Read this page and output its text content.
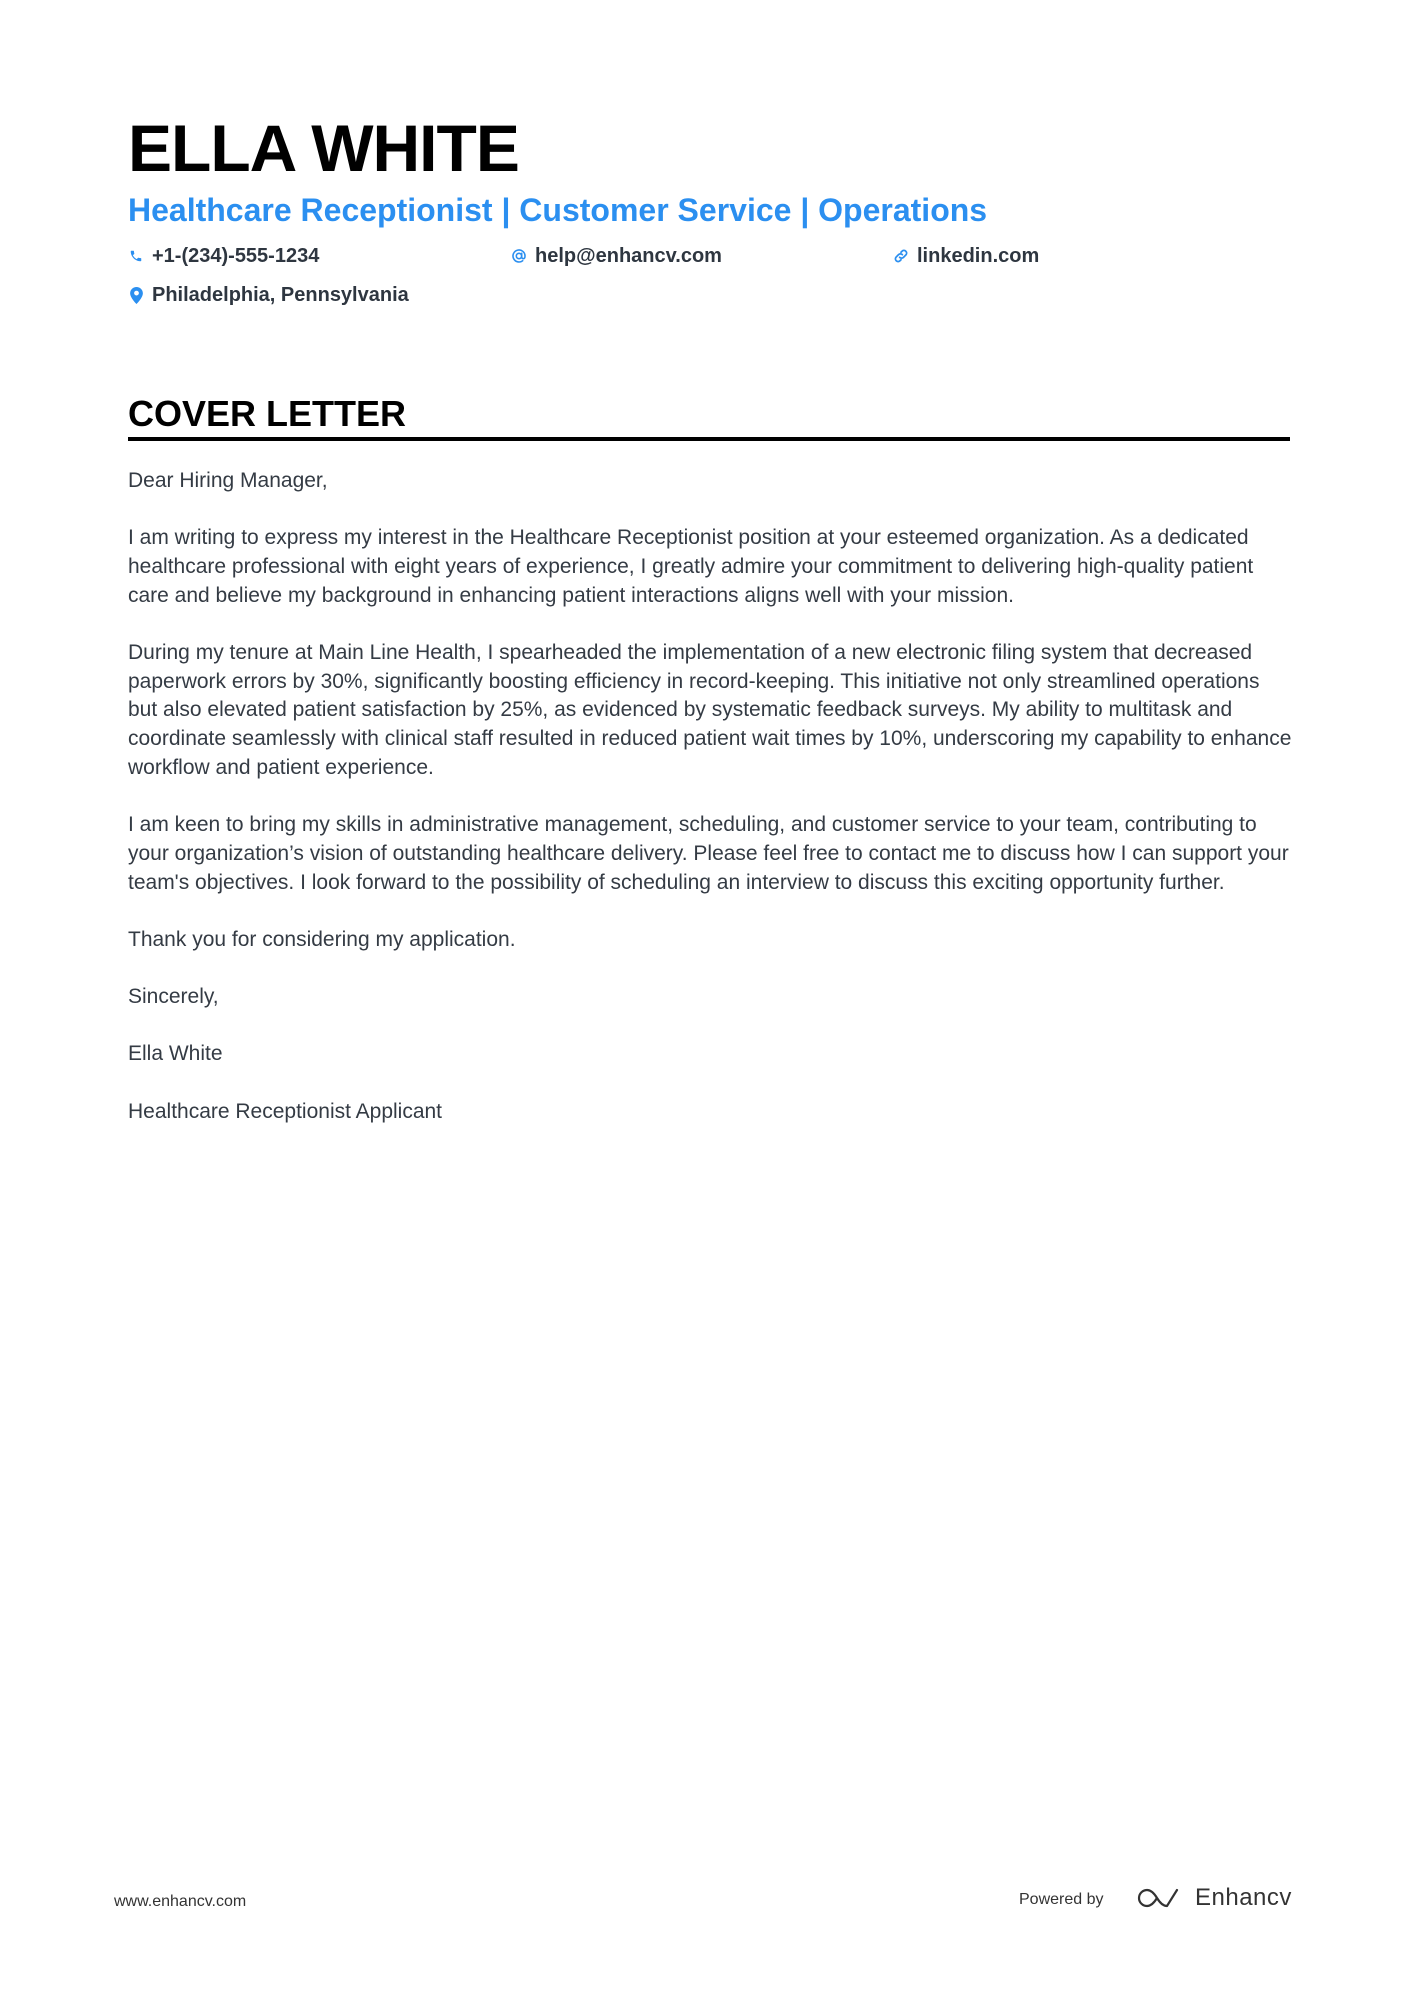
ELLA WHITE
Healthcare Receptionist | Customer Service | Operations
+1-(234)-555-1234	help@enhancv.com	linkedin.com
Philadelphia, Pennsylvania
COVER LETTER

Dear Hiring Manager,

I am writing to express my interest in the Healthcare Receptionist position at your esteemed organization. As a dedicated healthcare professional with eight years of experience, I greatly admire your commitment to delivering high-quality patient care and believe my background in enhancing patient interactions aligns well with your mission.

During my tenure at Main Line Health, I spearheaded the implementation of a new electronic filing system that decreased paperwork errors by 30%, significantly boosting efficiency in record-keeping. This initiative not only streamlined operations but also elevated patient satisfaction by 25%, as evidenced by systematic feedback surveys. My ability to multitask and coordinate seamlessly with clinical staff resulted in reduced patient wait times by 10%, underscoring my capability to enhance workflow and patient experience.

I am keen to bring my skills in administrative management, scheduling, and customer service to your team, contributing to your organization’s vision of outstanding healthcare delivery. Please feel free to contact me to discuss how I can support your team's objectives. I look forward to the possibility of scheduling an interview to discuss this exciting opportunity further.

Thank you for considering my application.

Sincerely,

Ella White

Healthcare Receptionist Applicant

www.enhancv.com	Powered by	Enhancv
